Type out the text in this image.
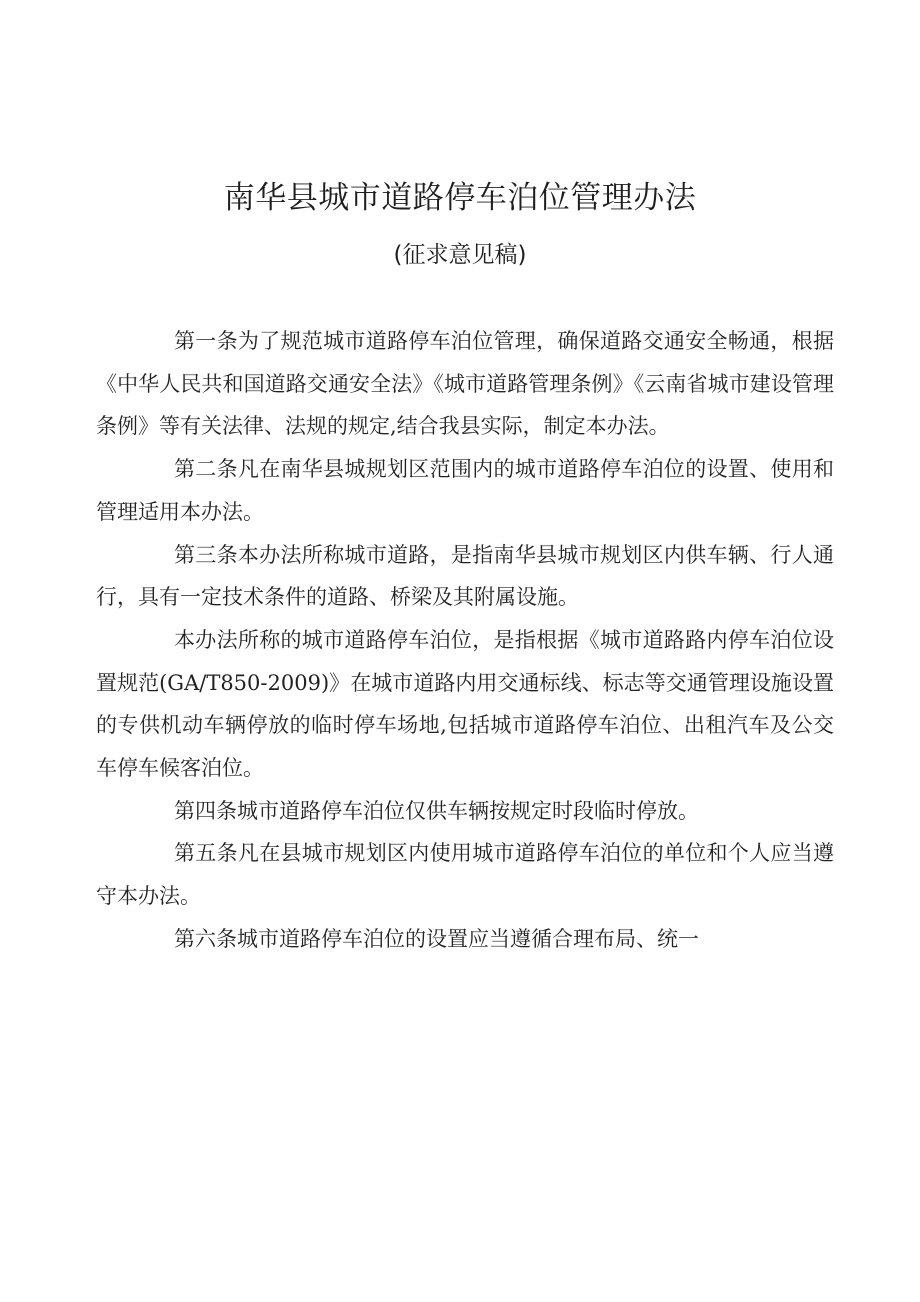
南华县城市道路停车泊位管理办法
(征求意见稿)

第一条为了规范城市道路停车泊位管理，确保道路交通安全畅通，根据《中华人民共和国道路交通安全法》《城市道路管理条例》《云南省城市建设管理条例》等有关法律、法规的规定,结合我县实际，制定本办法。

第二条凡在南华县城规划区范围内的城市道路停车泊位的设置、使用和管理适用本办法。

第三条本办法所称城市道路，是指南华县城市规划区内供车辆、行人通行，具有一定技术条件的道路、桥梁及其附属设施。

本办法所称的城市道路停车泊位，是指根据《城市道路路内停车泊位设置规范(GA/T850-2009)》在城市道路内用交通标线、标志等交通管理设施设置的专供机动车辆停放的临时停车场地,包括城市道路停车泊位、出租汽车及公交车停车候客泊位。

第四条城市道路停车泊位仅供车辆按规定时段临时停放。

第五条凡在县城市规划区内使用城市道路停车泊位的单位和个人应当遵守本办法。

第六条城市道路停车泊位的设置应当遵循合理布局、统一
